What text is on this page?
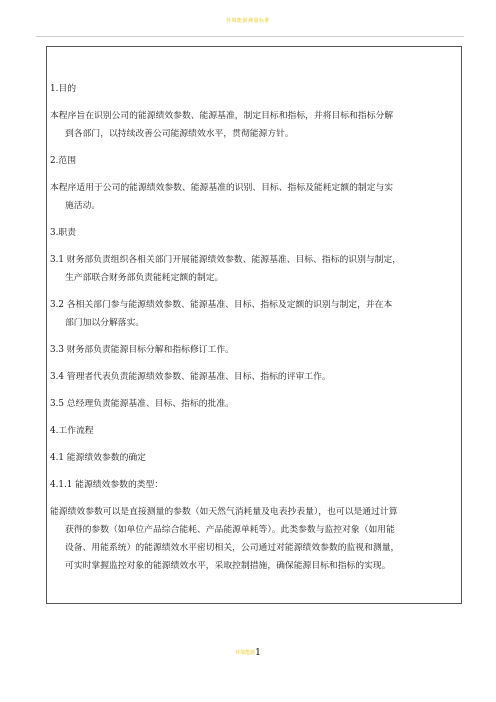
环境能源测量标准
1.目的
本程序旨在识别公司的能源绩效参数、能源基准，制定目标和指标，并将目标和指标分解
到各部门，以持续改善公司能源绩效水平，贯彻能源方针。
2.范围
本程序适用于公司的能源绩效参数、能源基准的识别、目标、指标及能耗定额的制定与实
施活动。
3.职责
3.1 财务部负责组织各相关部门开展能源绩效参数、能源基准、目标、指标的识别与制定，
生产部联合财务部负责能耗定额的制定。
3.2 各相关部门参与能源绩效参数、能源基准、目标、指标及定额的识别与制定，并在本
部门加以分解落实。
3.3 财务部负责能源目标分解和指标修订工作。
3.4 管理者代表负责能源绩效参数、能源基准、目标、指标的评审工作。
3.5 总经理负责能源基准、目标、指标的批准。
4.工作流程
4.1 能源绩效参数的确定
4.1.1 能源绩效参数的类型：
能源绩效参数可以是直接测量的参数（如天然气消耗量及电表抄表量），也可以是通过计算
获得的参数（如单位产品综合能耗、产品能源单耗等）。此类参数与监控对象（如用能
设备、用能系统）的能源绩效水平密切相关，公司通过对能源绩效参数的监视和测量，
可实时掌握监控对象的能源绩效水平，采取控制措施，确保能源目标和指标的实现。
环境能源1
